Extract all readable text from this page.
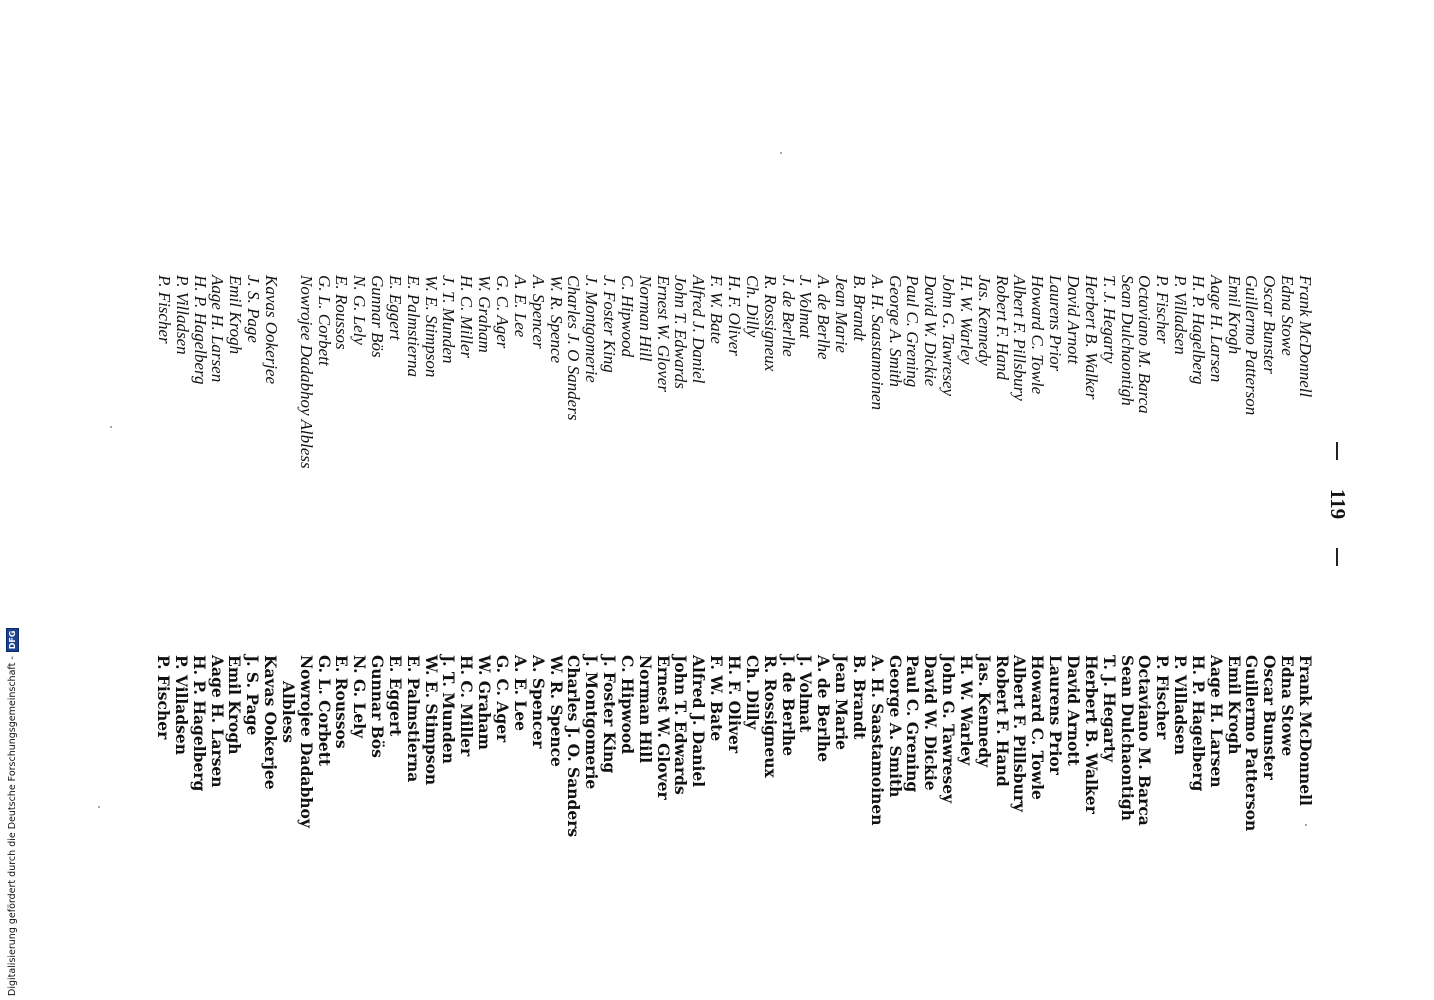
119
Frank McDonnell
Edna Stowe
Oscar Bunster
Guillermo Patterson
Emil Krogh
Aage H. Larsen
H. P. Hagelberg
P. Villadsen
P. Fischer
Octaviano M. Barca
Sean Dulchaontigh
T. J. Hegarty
Herbert B. Walker
David Arnott
Laurens Prior
Howard C. Towle
Albert F. Pillsbury
Robert F. Hand
Jas. Kennedy
H. W. Warley
John G. Tawresey
David W. Dickie
Paul C. Grening
George A. Smith
A. H. Saastamoinen
B. Brandt
Jean Marie
A. de Berlhe
J. Volmat
J. de Berlhe
R. Rossigneux
Ch. Dilly
H. F. Oliver
F. W. Bate
Alfred J. Daniel
John T. Edwards
Ernest W. Glover
Norman Hill
C. Hipwood
J. Foster King
J. Montgomerie
Charles J. O Sanders
W. R. Spence
A. Spencer
A. E. Lee
G. C. Ager
W. Graham
H. C. Miller
J. T. Munden
W. E. Stimpson
E. Palmstierna
E. Eggert
Gunnar Bös
N. G. Lely
E. Roussos
G. L. Corbett
Nowrojee Dadabhoy Albless
Kavas Ookerjee
J. S. Page
Emil Krogh
Aage H. Larsen
H. P. Hagelberg
P. Villadsen
P. Fischer
Frank McDonnell
Edna Stowe
Oscar Bunster
Guillermo Patterson
Emil Krogh
Aage H. Larsen
H. P. Hagelberg
P. Villadsen
P. Fischer
Octaviano M. Barca
Sean Dulchaontigh
T. J. Hegarty
Herbert B. Walker
David Arnott
Laurens Prior
Howard C. Towle
Albert F. Pillsbury
Robert F. Hand
Jas. Kennedy
H. W. Warley
John G. Tawresey
David W. Dickie
Paul C. Grening
George A. Smith
A. H. Saastamoinen
B. Brandt
Jean Marie
A. de Berlhe
J. Volmat
J. de Berlhe
R. Rossigneux
Ch. Dilly
H. F. Oliver
F. W. Bate
Alfred J. Daniel
John T. Edwards
Ernest W. Glover
Norman Hill
C. Hipwood
J. Foster King
J. Montgomerie
Charles J. O. Sanders
W. R. Spence
A. Spencer
A. E. Lee
G. C. Ager
W. Graham
H. C. Miller
J. T. Munden
W. E. Stimpson
E. Palmstierna
E. Eggert
Gunnar Bös
N. G. Lely
E. Roussos
G. L. Corbett
Nowrojee Dadabhoy
Albless
Kavas Ookerjee
J. S. Page
Emil Krogh
Aage H. Larsen
H. P. Hagelberg
P. Villadsen
P. Fischer
Digitalisierung gefördert durch die Deutsche Forschungsgemeinschaft -
DFG
